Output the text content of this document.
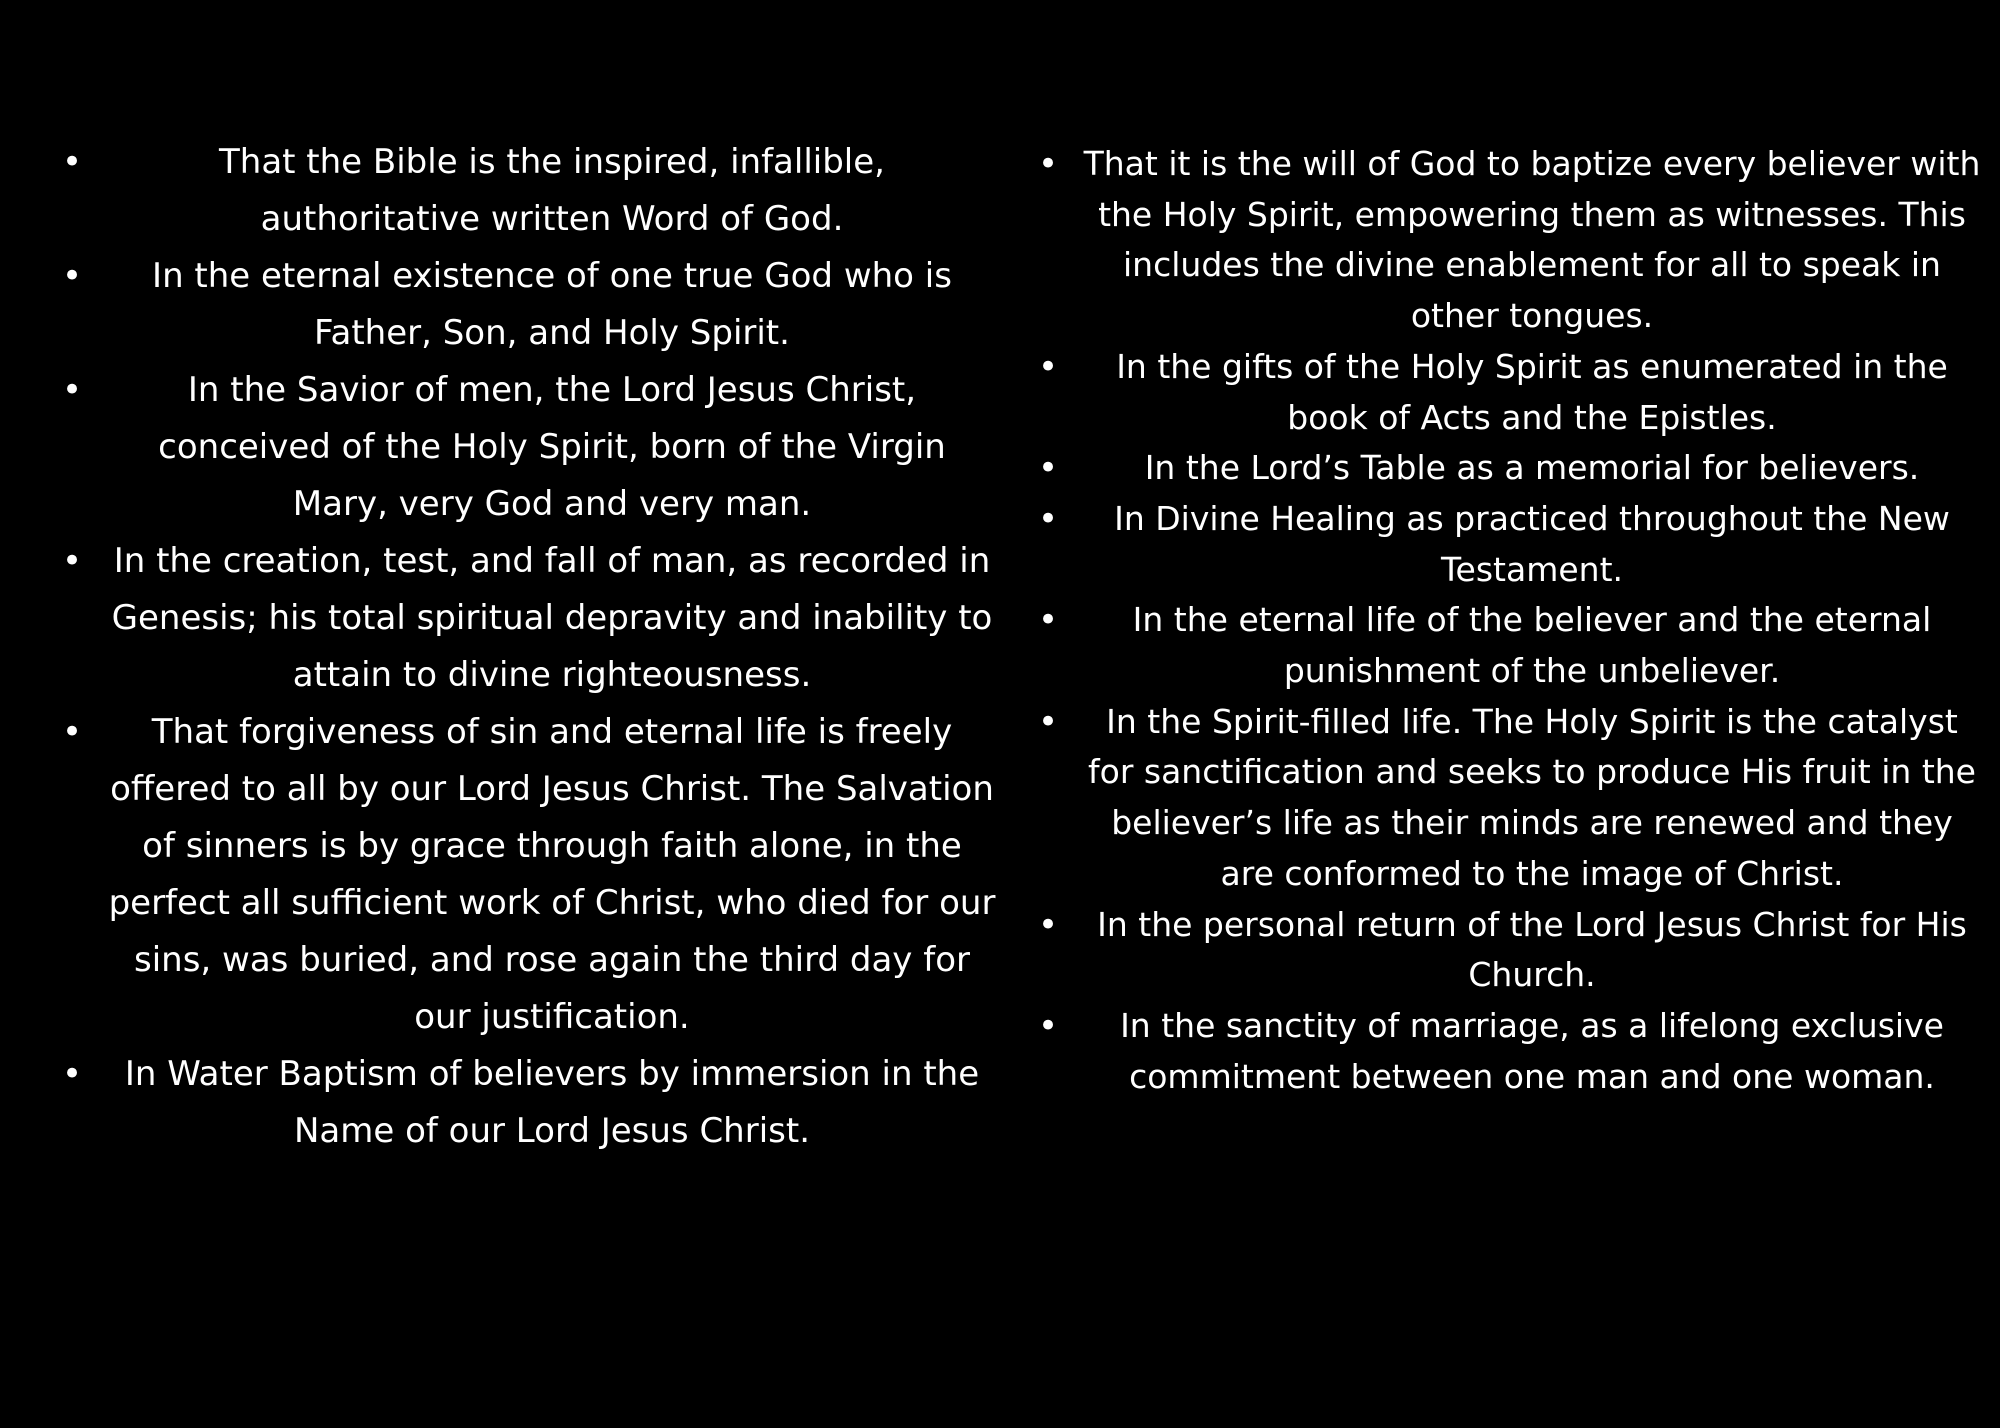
•	That the Bible is the inspired, infallible, authoritative written Word of God.
•	In the eternal existence of one true God who is Father, Son, and Holy Spirit.
•	In the Savior of men, the Lord Jesus Christ, conceived of the Holy Spirit, born of the Virgin Mary, very God and very man.
• In the creation, test, and fall of man, as recorded in Genesis; his total spiritual depravity and inability to attain to divine righteousness.
•	That forgiveness of sin and eternal life is freely offered to all by our Lord Jesus Christ. The Salvation of sinners is by grace through faith alone, in the perfect all sufficient work of Christ, who died for our sins, was buried, and rose again the third day for our justification.
•	In Water Baptism of believers by immersion in the Name of our Lord Jesus Christ.
• That it is the will of God to baptize every believer with the Holy Spirit, empowering them as witnesses. This includes the divine enablement for all to speak in other tongues.
•	In the gifts of the Holy Spirit as enumerated in the book of Acts and the Epistles.
•	In the Lord’s Table as a memorial for believers.
•	In Divine Healing as practiced throughout the New Testament.
•	In the eternal life of the believer and the eternal punishment of the unbeliever.
•	In the Spirit-filled life. The Holy Spirit is the catalyst for sanctification and seeks to produce His fruit in the believer’s life as their minds are renewed and they are conformed to the image of Christ.
•	In the personal return of the Lord Jesus Christ for His Church.
•	In the sanctity of marriage, as a lifelong exclusive commitment between one man and one woman.
